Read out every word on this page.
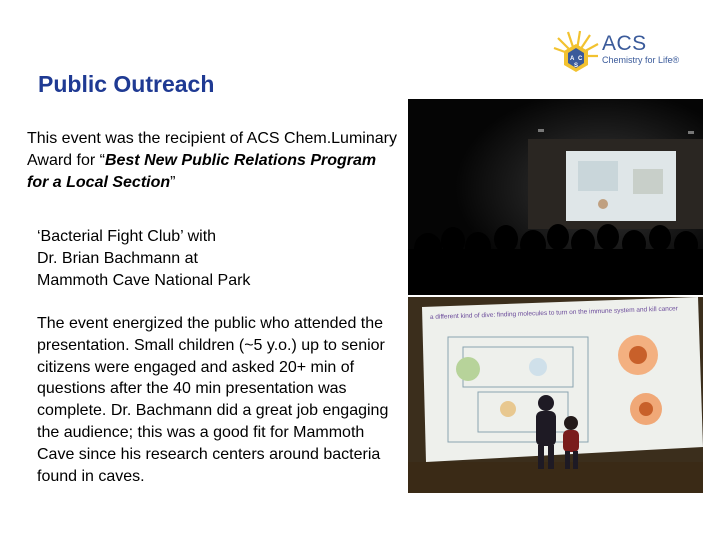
A C
S
ACS
Chemistry for Life®
Public Outreach
This event was the recipient of ACS Chem.Luminary Award for “Best New Public Relations Program for a Local Section”
‘Bacterial Fight Club’ with
Dr. Brian Bachmann at
Mammoth Cave National Park
The event energized the public who attended the presentation. Small children (~5 y.o.) up to senior citizens were engaged and asked 20+ min of questions after the 40 min presentation was complete. Dr. Bachmann did a great job engaging the audience; this was a good fit for Mammoth Cave since his research centers around bacteria found in caves.
a different kind of dive: finding molecules to turn on the immune system and kill cancer
